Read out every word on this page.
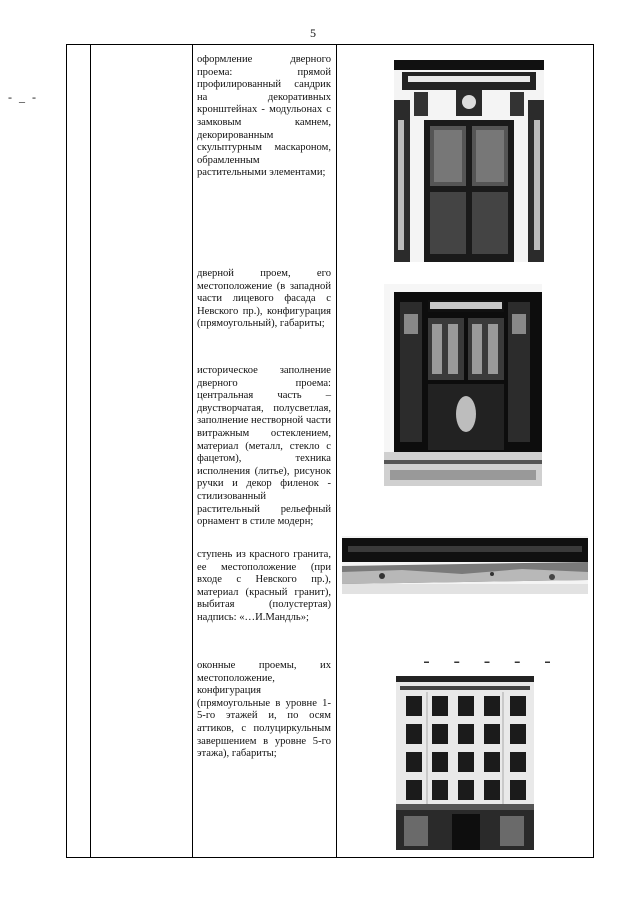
5
- _ -
оформление дверного проема: прямой профилированный сандрик на декоративных кронштейнах - модульонах с замковым камнем, декорированным скульптурным маскароном, обрамленным растительными элементами;
дверной проем, его местоположение (в западной части лицевого фасада с Невского пр.), конфигурация (прямоугольный), габариты;
историческое заполнение дверного проема: центральная часть – двустворчатая, полусветлая, заполнение нестворной части витражным остеклением, материал (металл, стекло с фацетом), техника исполнения (литье), рисунок ручки и декор филенок - стилизованный растительный рельефный орнамент в стиле модерн;
ступень из красного гранита, ее местоположение (при входе с Невского пр.), материал (красный гранит), выбитая (полустертая) надпись: «…И.Мандль»;
оконные проемы, их местоположение, конфигурация (прямоугольные в уровне 1-5-го этажей и, по осям аттиков, с полуциркульным завершением в уровне 5-го этажа), габариты;
▬ ▬ ▬ ▬ ▬
